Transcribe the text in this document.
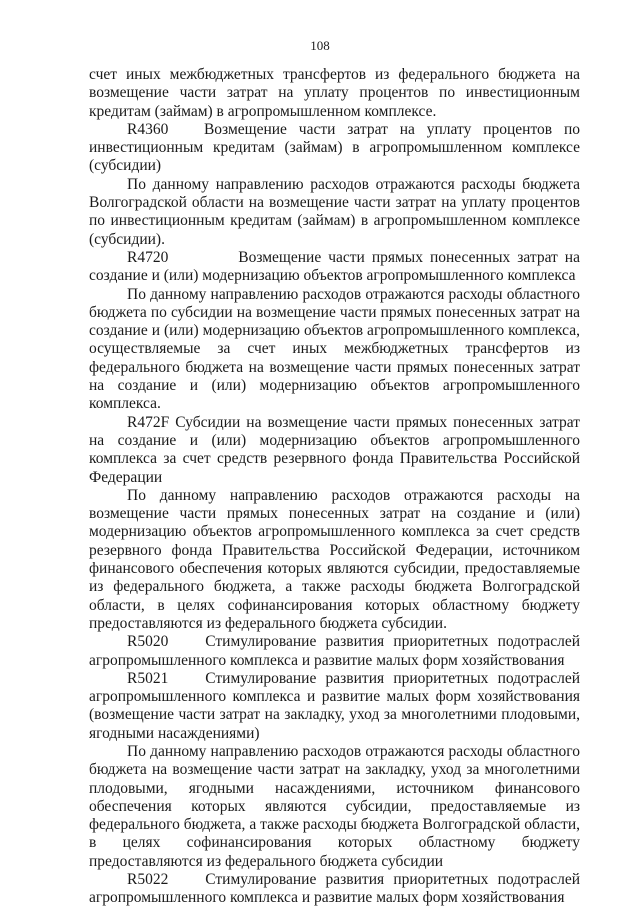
108

счет иных межбюджетных трансфертов из федерального бюджета на возмещение части затрат на уплату процентов по инвестиционным кредитам (займам) в агропромышленном комплексе.

R4360 Возмещение части затрат на уплату процентов по инвестиционным кредитам (займам) в агропромышленном комплексе (субсидии)

По данному направлению расходов отражаются расходы бюджета Волгоградской области на возмещение части затрат на уплату процентов по инвестиционным кредитам (займам) в агропромышленном комплексе (субсидии).

R4720	Возмещение части прямых понесенных затрат на создание и (или) модернизацию объектов агропромышленного комплекса

По данному направлению расходов отражаются расходы областного бюджета по субсидии на возмещение части прямых понесенных затрат на создание и (или) модернизацию объектов агропромышленного комплекса, осуществляемые за счет иных межбюджетных трансфертов из федерального бюджета на возмещение части прямых понесенных затрат на создание и (или) модернизацию объектов агропромышленного комплекса.

R472F Субсидии на возмещение части прямых понесенных затрат на создание и (или) модернизацию объектов агропромышленного комплекса за счет средств резервного фонда Правительства Российской Федерации

По данному направлению расходов отражаются расходы на возмещение части прямых понесенных затрат на создание и (или) модернизацию объектов агропромышленного комплекса за счет средств резервного фонда Правительства Российской Федерации, источником финансового обеспечения которых являются субсидии, предоставляемые из федерального бюджета, а также расходы бюджета Волгоградской области, в целях софинансирования которых областному бюджету предоставляются из федерального бюджета субсидии.

R5020 Стимулирование развития приоритетных подотраслей агропромышленного комплекса и развитие малых форм хозяйствования

R5021 Стимулирование развития приоритетных подотраслей агропромышленного комплекса и развитие малых форм хозяйствования (возмещение части затрат на закладку, уход за многолетними плодовыми, ягодными насаждениями)

По данному направлению расходов отражаются расходы областного бюджета на возмещение части затрат на закладку, уход за многолетними плодовыми, ягодными насаждениями, источником финансового обеспечения которых являются субсидии, предоставляемые из федерального бюджета, а также расходы бюджета Волгоградской области, в целях софинансирования которых областному бюджету предоставляются из федерального бюджета субсидии

R5022 Стимулирование развития приоритетных подотраслей агропромышленного комплекса и развитие малых форм хозяйствования
